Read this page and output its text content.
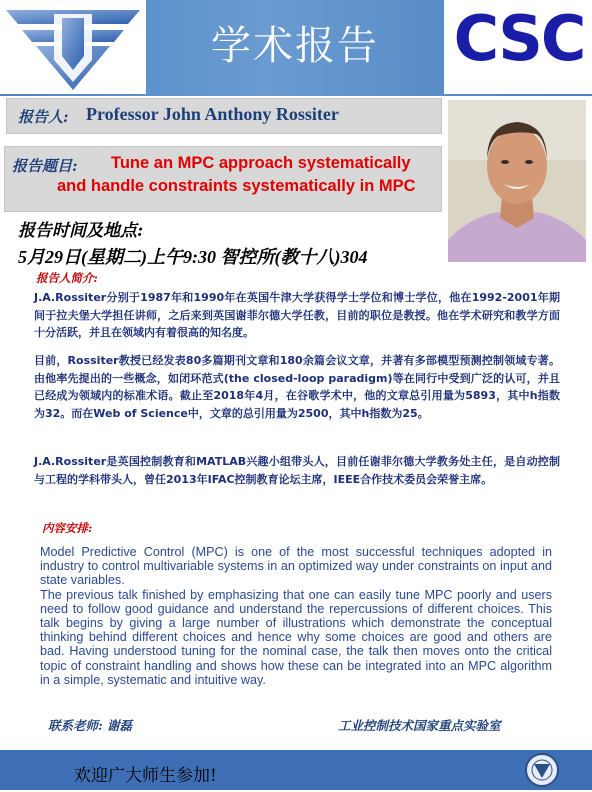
学术报告	CSC
报告人: Professor John Anthony Rossiter
报告题目: Tune an MPC approach systematically
and handle constraints systematically in MPC
报告时间及地点:
5月29日(星期二)上午9:30 智控所(教十八)304
报告人简介:
J.A.Rossiter分别于1987年和1990年在英国牛津大学获得学士学位和博士学位，他在1992-2001年期间于拉夫堡大学担任讲师，之后来到英国谢菲尔德大学任教，目前的职位是教授。他在学术研究和教学方面十分活跃，并且在领域内有着很高的知名度。
目前，Rossiter教授已经发表80多篇期刊文章和180余篇会议文章，并著有多部模型预测控制领域专著。由他率先提出的一些概念，如闭环范式(the closed-loop paradigm)等在同行中受到广泛的认可，并且已经成为领域内的标准术语。截止至2018年4月，在谷歌学术中，他的文章总引用量为5893，其中h指数为32。而在Web of Science中，文章的总引用量为2500，其中h指数为25。
J.A.Rossiter是英国控制教育和MATLAB兴趣小组带头人，目前任谢菲尔德大学教务处主任，是自动控制与工程的学科带头人，曾任2013年IFAC控制教育论坛主席，IEEE合作技术委员会荣誉主席。
内容安排:

Model Predictive Control (MPC) is one of the most successful techniques adopted in industry to control multivariable systems in an optimized way under constraints on input and state variables.

The previous talk finished by emphasizing that one can easily tune MPC poorly and users need to follow good guidance and understand the repercussions of different choices. This talk begins by giving a large number of illustrations which demonstrate the conceptual thinking behind different choices and hence why some choices are good and others are bad. Having understood tuning for the nominal case, the talk then moves onto the critical topic of constraint handling and shows how these can be integrated into an MPC algorithm in a simple, systematic and intuitive way.

联系老师: 谢磊	工业控制技术国家重点实验室
欢迎广大师生参加!
